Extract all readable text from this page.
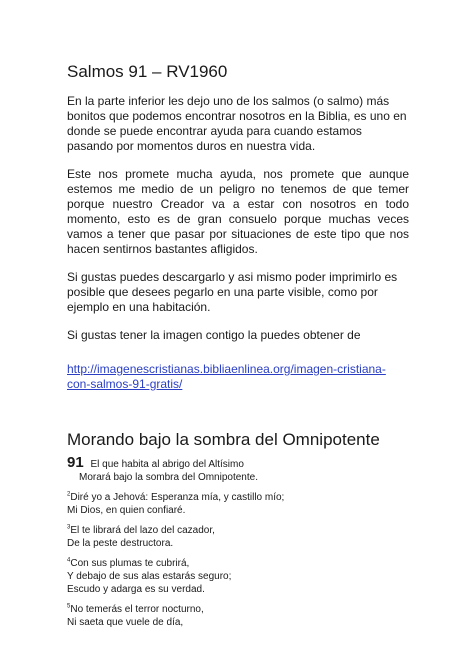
Salmos 91 – RV1960

En la parte inferior les dejo uno de los salmos (o salmo) más bonitos que podemos encontrar nosotros en la Biblia, es uno en donde se puede encontrar ayuda para cuando estamos pasando por momentos duros en nuestra vida.

Este nos promete mucha ayuda, nos promete que aunque estemos me medio de un peligro no tenemos de que temer porque nuestro Creador va a estar con nosotros en todo momento, esto es de gran consuelo porque muchas veces vamos a tener que pasar por situaciones de este tipo que nos hacen sentirnos bastantes afligidos.

Si gustas puedes descargarlo y asi mismo poder imprimirlo es posible que desees pegarlo en una parte visible, como por ejemplo en una habitación.

Si gustas tener la imagen contigo la puedes obtener de

http://imagenescristianas.bibliaenlinea.org/imagen-cristiana-con-salmos-91-gratis/

Morando bajo la sombra del Omnipotente
91 El que habita al abrigo del Altísimo
Morará bajo la sombra del Omnipotente.
$^2$Diré yo a Jehová: Esperanza mía, y castillo mío;
Mi Dios, en quien confiaré.
$^3$El te librará del lazo del cazador,
De la peste destructora.
$^4$Con sus plumas te cubrirá,
Y debajo de sus alas estarás seguro;
Escudo y adarga es su verdad.
$^5$No temerás el terror nocturno,
Ni saeta que vuele de día,
